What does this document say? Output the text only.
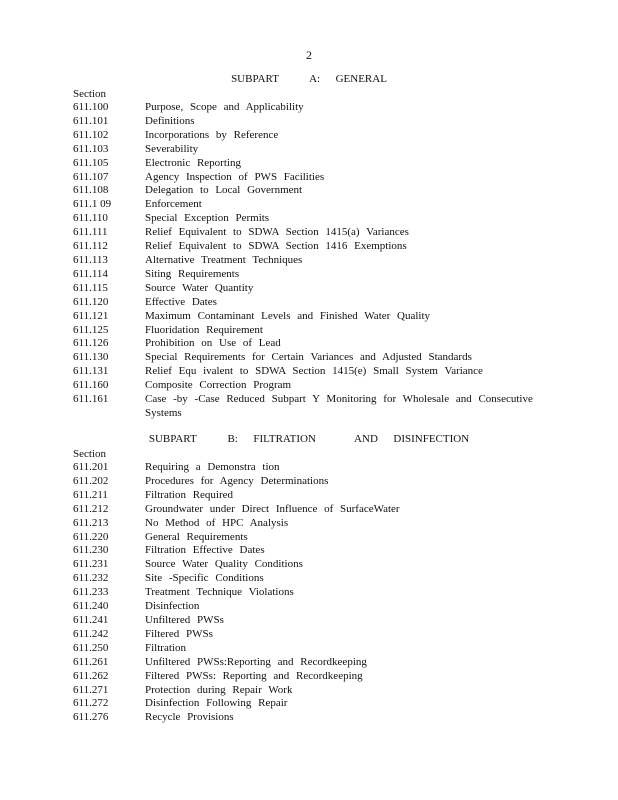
2
SUBPART    A:  GENERAL
Section
611.100	Purpose, Scope and Applicability
611.101	Definitions
611.102	Incorporations by Reference
611.103	Severability
611.105	Electronic Reporting
611.107	Agency Inspection of PWS Facilities
611.108	Delegation to Local Government
611.1 09	Enforcement
611.110	Special Exception Permits
611.111	Relief Equivalent to SDWA Section 1415(a) Variances
611.112	Relief Equivalent to SDWA Section 1416 Exemptions
611.113	Alternative Treatment Techniques
611.114	Siting Requirements
611.115	Source Water Quantity
611.120	Effective Dates
611.121	Maximum Contaminant Levels and Finished Water Quality
611.125	Fluoridation Requirement
611.126	Prohibition on Use of Lead
611.130	Special Requirements for Certain Variances and Adjusted Standards
611.131	Relief Equ ivalent to SDWA Section 1415(e) Small System Variance
611.160	Composite Correction Program
611.161	Case -by -Case Reduced Subpart Y Monitoring for Wholesale and Consecutive Systems
SUBPART    B:  FILTRATION     AND  DISINFECTION
Section
611.201	Requiring a Demonstra tion
611.202	Procedures for Agency Determinations
611.211	Filtration Required
611.212	Groundwater under Direct Influence of SurfaceWater
611.213	No Method of HPC Analysis
611.220	General Requirements
611.230	Filtration Effective Dates
611.231	Source Water Quality Conditions
611.232	Site -Specific Conditions
611.233	Treatment Technique Violations
611.240	Disinfection
611.241	Unfiltered PWSs
611.242	Filtered PWSs
611.250	Filtration
611.261	Unfiltered PWSs:Reporting and Recordkeeping
611.262	Filtered PWSs: Reporting and Recordkeeping
611.271	Protection during Repair Work
611.272	Disinfection Following Repair
611.276	Recycle Provisions
